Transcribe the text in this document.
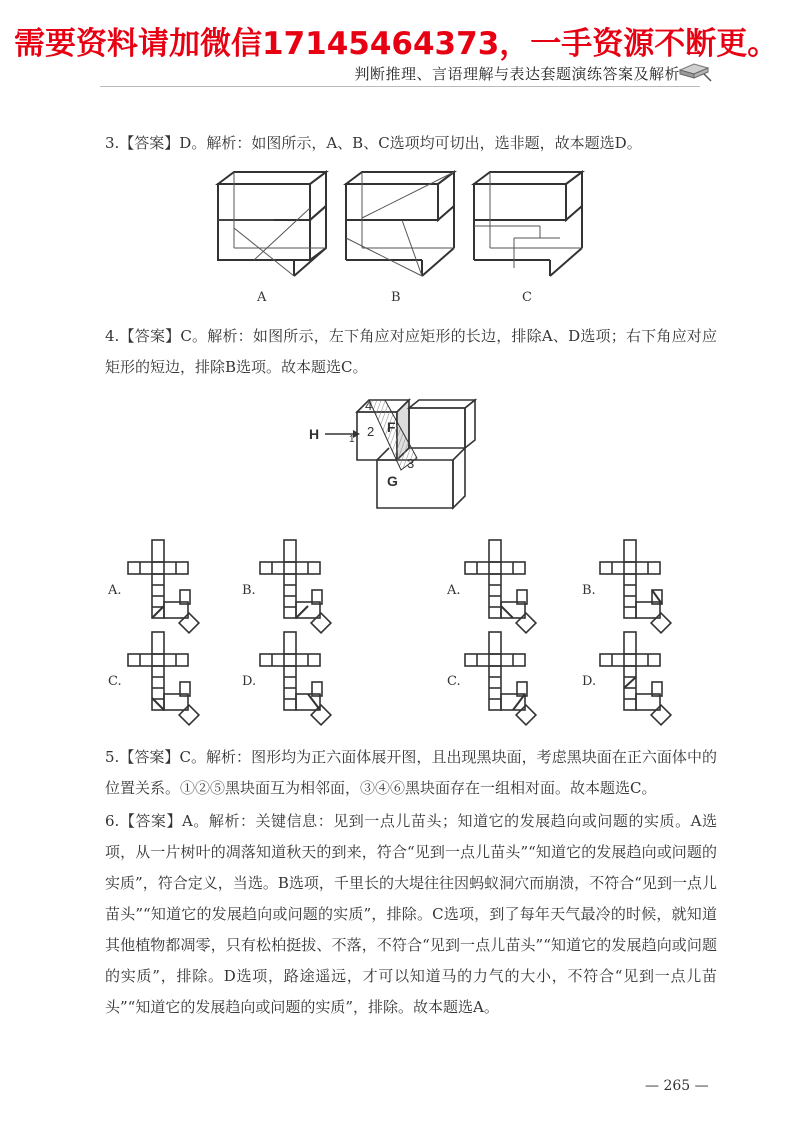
需要资料请加微信17145464373，一手资源不断更。
判断推理、言语理解与表达套题演练答案及解析
3.【答案】D。解析：如图所示，A、B、C选项均可切出，选非题，故本题选D。
A	B	C
4.【答案】C。解析：如图所示，左下角应对应矩形的长边，排除A、D选项；右下角应对应矩形的短边，排除B选项。故本题选C。
H	1
2
3
4
F
G
A.	B.
C.	D.
A.	B.
C.	D.
5.【答案】C。解析：图形均为正六面体展开图，且出现黑块面，考虑黑块面在正六面体中的位置关系。①②⑤黑块面互为相邻面，③④⑥黑块面存在一组相对面。故本题选C。
6.【答案】A。解析：关键信息：见到一点儿苗头；知道它的发展趋向或问题的实质。A选项，从一片树叶的凋落知道秋天的到来，符合“见到一点儿苗头”“知道它的发展趋向或问题的实质”，符合定义，当选。B选项，千里长的大堤往往因蚂蚁洞穴而崩溃，不符合“见到一点儿苗头”“知道它的发展趋向或问题的实质”，排除。C选项，到了每年天气最冷的时候，就知道其他植物都凋零，只有松柏挺拔、不落，不符合“见到一点儿苗头”“知道它的发展趋向或问题的实质”，排除。D选项，路途遥远，才可以知道马的力气的大小，不符合“见到一点儿苗头”“知道它的发展趋向或问题的实质”，排除。故本题选A。
— 265 —
